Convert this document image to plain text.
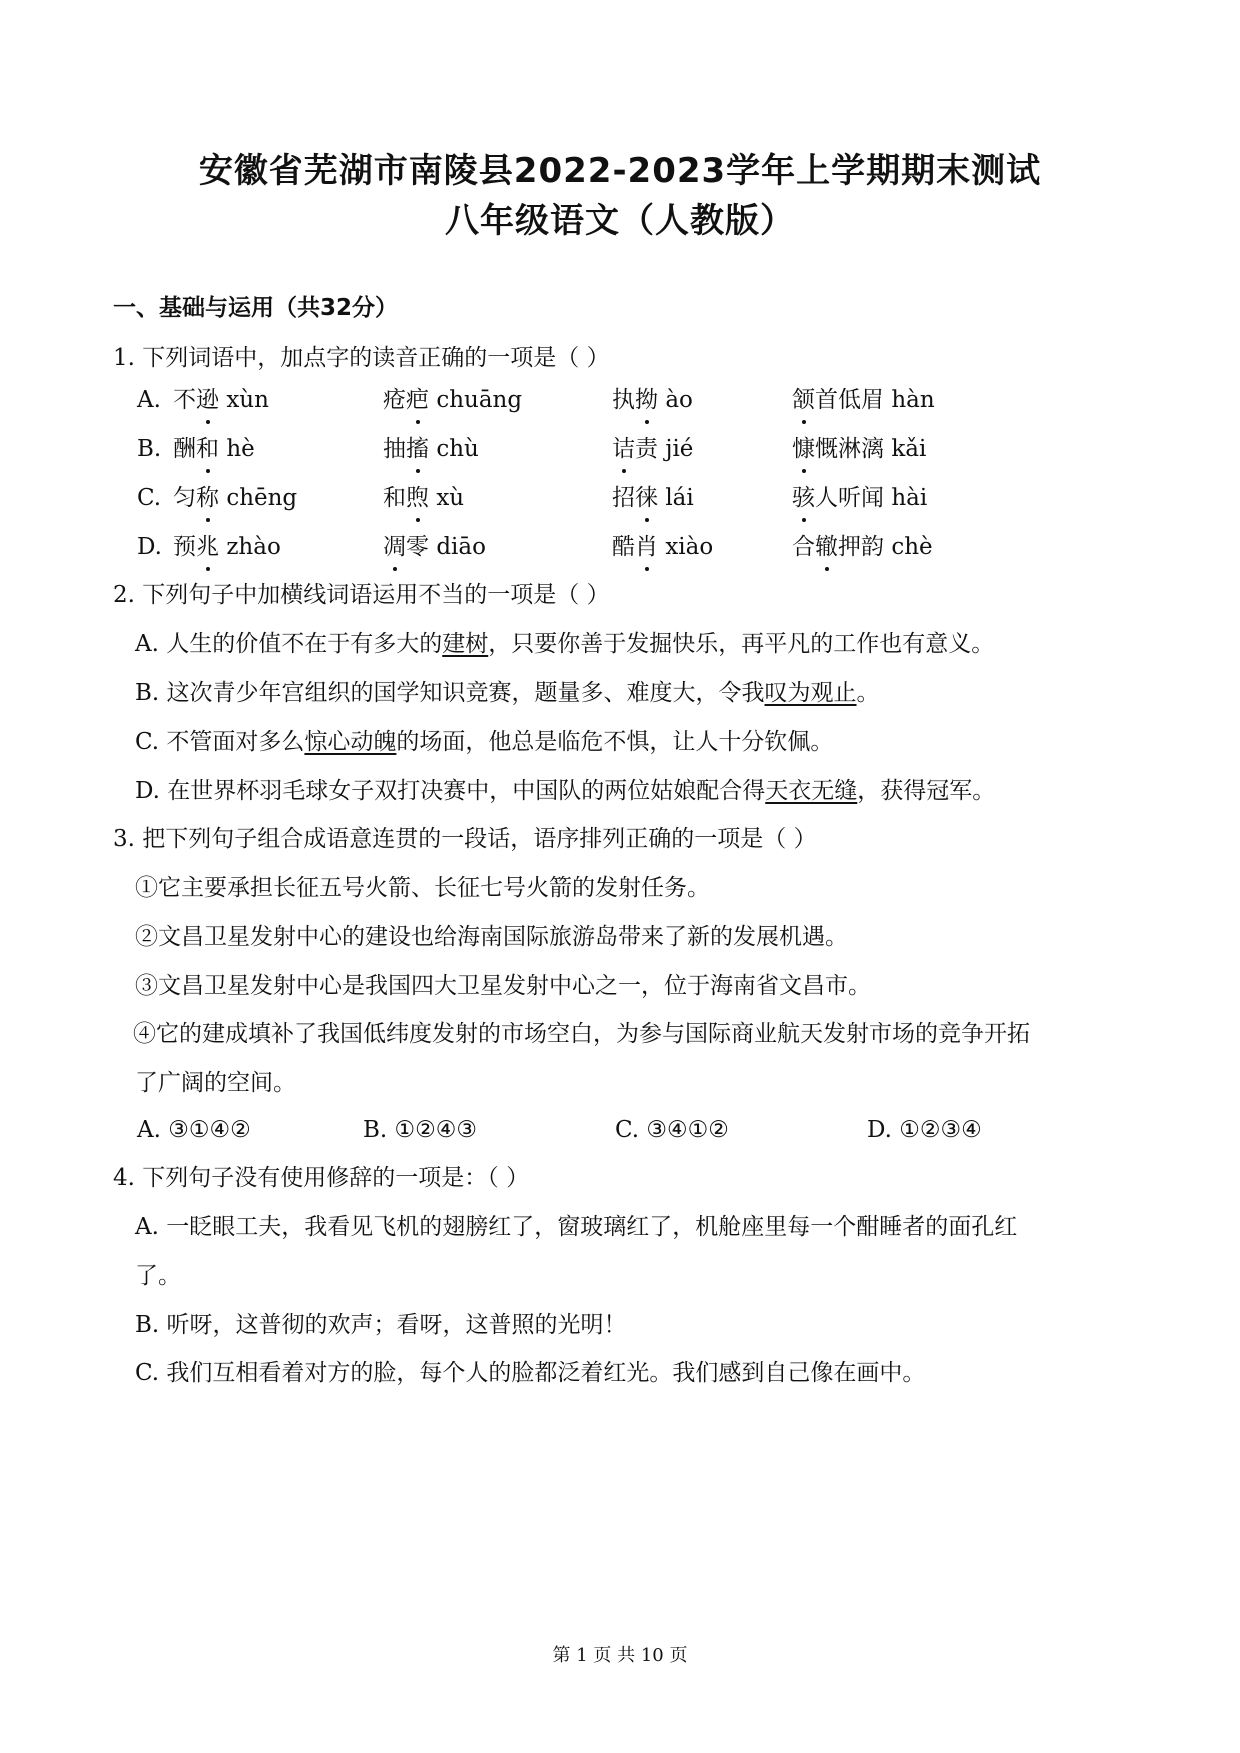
安徽省芜湖市南陵县2022-2023学年上学期期末测试
八年级语文（人教版）
一、基础与运用（共32分）
1. 下列词语中，加点字的读音正确的一项是（ ）
A. 不逊 xùn	疮疤 chuāng	执拗 ào	颔首低眉 hàn
B. 酬和 hè	抽搐 chù	诘责 jié	慷慨淋漓 kǎi
C. 匀称 chēng	和煦 xù	招徕 lái	骇人听闻 hài
D. 预兆 zhào	凋零 diāo	酷肖 xiào	合辙押韵 chè
2. 下列句子中加横线词语运用不当的一项是（ ）
A. 人生的价值不在于有多大的建树，只要你善于发掘快乐，再平凡的工作也有意义。
B. 这次青少年宫组织的国学知识竞赛，题量多、难度大，令我叹为观止。
C. 不管面对多么惊心动魄的场面，他总是临危不惧，让人十分钦佩。
D. 在世界杯羽毛球女子双打决赛中，中国队的两位姑娘配合得天衣无缝，获得冠军。
3. 把下列句子组合成语意连贯的一段话，语序排列正确的一项是（ ）
①它主要承担长征五号火箭、长征七号火箭的发射任务。
②文昌卫星发射中心的建设也给海南国际旅游岛带来了新的发展机遇。
③文昌卫星发射中心是我国四大卫星发射中心之一，位于海南省文昌市。
④它的建成填补了我国低纬度发射的市场空白，为参与国际商业航天发射市场的竞争开拓
了广阔的空间。
A. ③①④②	B. ①②④③	C. ③④①②	D. ①②③④
4. 下列句子没有使用修辞的一项是：（ ）
A. 一眨眼工夫，我看见飞机的翅膀红了，窗玻璃红了，机舱座里每一个酣睡者的面孔红
了。
B. 听呀，这普彻的欢声；看呀，这普照的光明！
C. 我们互相看着对方的脸，每个人的脸都泛着红光。我们感到自己像在画中。
第 1 页 共 10 页
